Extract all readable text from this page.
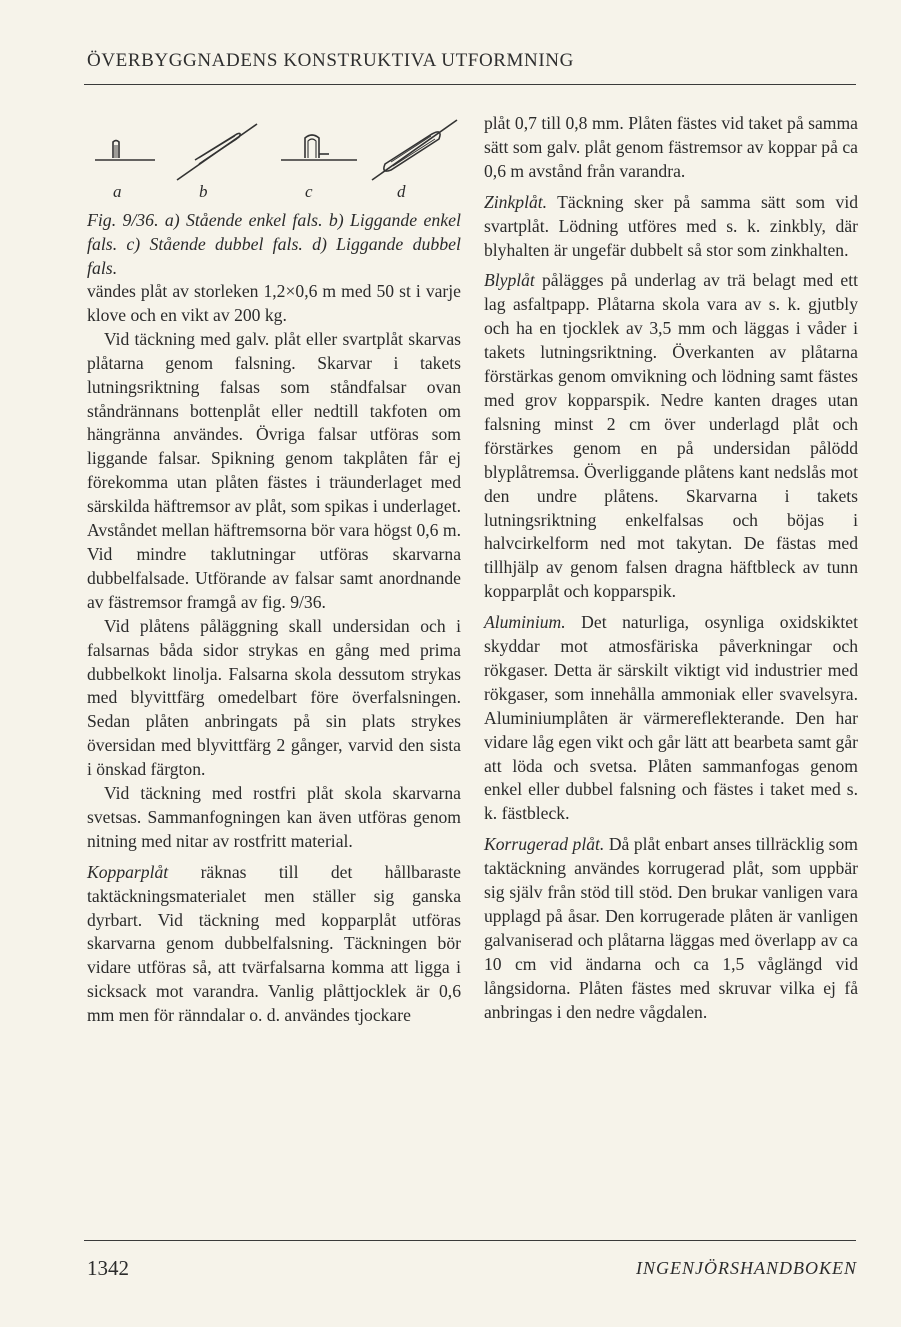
ÖVERBYGGNADENS KONSTRUKTIVA UTFORMNING
a	b	c	d

Fig. 9/36. a) Stående enkel fals. b) Liggande enkel fals. c) Stående dubbel fals. d) Liggande dubbel fals.

vändes plåt av storleken 1,2×0,6 m med 50 st i varje klove och en vikt av 200 kg.

Vid täckning med galv. plåt eller svartplåt skarvas plåtarna genom falsning. Skarvar i takets lutningsriktning falsas som ståndfalsar ovan ståndrännans bottenplåt eller nedtill takfoten om hängränna användes. Övriga falsar utföras som liggande falsar. Spikning genom takplåten får ej förekomma utan plåten fästes i träunderlaget med särskilda häftremsor av plåt, som spikas i underlaget. Avståndet mellan häftremsorna bör vara högst 0,6 m. Vid mindre taklutningar utföras skarvarna dubbelfalsade. Utförande av falsar samt anordnande av fästremsor framgå av fig. 9/36.

Vid plåtens påläggning skall undersidan och i falsarnas båda sidor strykas en gång med prima dubbelkokt linolja. Falsarna skola dessutom strykas med blyvittfärg omedelbart före överfalsningen. Sedan plåten anbringats på sin plats strykes översidan med blyvittfärg 2 gånger, varvid den sista i önskad färgton.

Vid täckning med rostfri plåt skola skarvarna svetsas. Sammanfogningen kan även utföras genom nitning med nitar av rostfritt material.

Kopparplåt räknas till det hållbaraste taktäckningsmaterialet men ställer sig ganska dyrbart. Vid täckning med kopparplåt utföras skarvarna genom dubbelfalsning. Täckningen bör vidare utföras så, att tvärfalsarna komma att ligga i sicksack mot varandra. Vanlig plåttjocklek är 0,6 mm men för ränndalar o. d. användes tjockare

plåt 0,7 till 0,8 mm. Plåten fästes vid taket på samma sätt som galv. plåt genom fästremsor av koppar på ca 0,6 m avstånd från varandra.

Zinkplåt. Täckning sker på samma sätt som vid svartplåt. Lödning utföres med s. k. zinkbly, där blyhalten är ungefär dubbelt så stor som zinkhalten.

Blyplåt pålägges på underlag av trä belagt med ett lag asfaltpapp. Plåtarna skola vara av s. k. gjutbly och ha en tjocklek av 3,5 mm och läggas i våder i takets lutningsriktning. Överkanten av plåtarna förstärkas genom omvikning och lödning samt fästes med grov kopparspik. Nedre kanten drages utan falsning minst 2 cm över underlagd plåt och förstärkes genom en på undersidan pålödd blyplåtremsa. Överliggande plåtens kant nedslås mot den undre plåtens. Skarvarna i takets lutningsriktning enkelfalsas och böjas i halvcirkelform ned mot takytan. De fästas med tillhjälp av genom falsen dragna häftbleck av tunn kopparplåt och kopparspik.

Aluminium. Det naturliga, osynliga oxidskiktet skyddar mot atmosfäriska påverkningar och rökgaser. Detta är särskilt viktigt vid industrier med rökgaser, som innehålla ammoniak eller svavelsyra. Aluminiumplåten är värmereflekterande. Den har vidare låg egen vikt och går lätt att bearbeta samt går att löda och svetsa. Plåten sammanfogas genom enkel eller dubbel falsning och fästes i taket med s. k. fästbleck.

Korrugerad plåt. Då plåt enbart anses tillräcklig som taktäckning användes korrugerad plåt, som uppbär sig själv från stöd till stöd. Den brukar vanligen vara upplagd på åsar. Den korrugerade plåten är vanligen galvaniserad och plåtarna läggas med överlapp av ca 10 cm vid ändarna och ca 1,5 våglängd vid långsidorna. Plåten fästes med skruvar vilka ej få anbringas i den nedre vågdalen.

1342	INGENJÖRSHANDBOKEN
